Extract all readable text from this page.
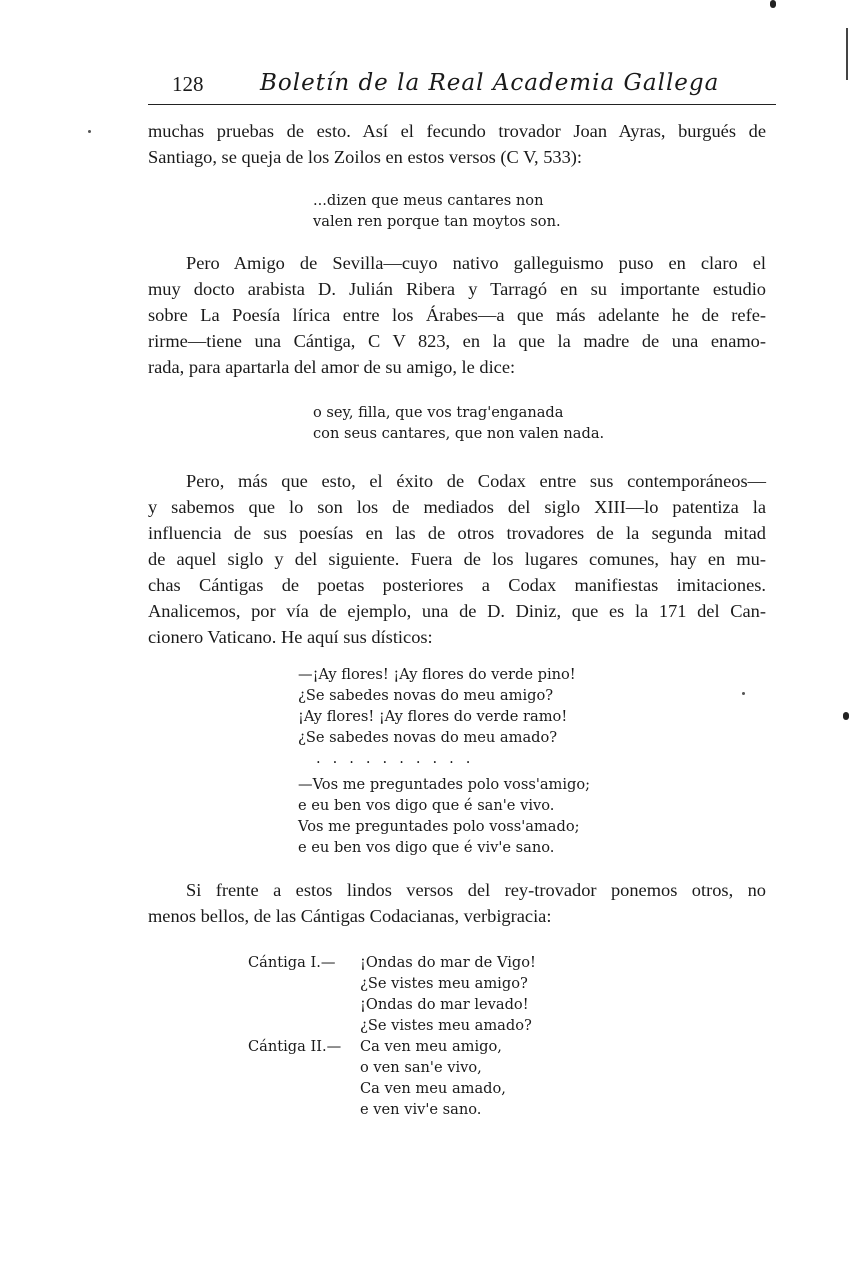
128 Boletín de la Real Academia Gallega
muchas pruebas de esto. Así el fecundo trovador Joan Ayras, burgués de
Santiago, se queja de los Zoilos en estos versos (C V, 533):
...dizen que meus cantares non
valen ren porque tan moytos son.
Pero Amigo de Sevilla—cuyo nativo galleguismo puso en claro el
muy docto arabista D. Julián Ribera y Tarragó en su importante estudio
sobre La Poesía lírica entre los Árabes—a que más adelante he de refe-
rirme—tiene una Cántiga, C V 823, en la que la madre de una enamo-
rada, para apartarla del amor de su amigo, le dice:
o sey, filla, que vos trag'enganada
con seus cantares, que non valen nada.
Pero, más que esto, el éxito de Codax entre sus contemporáneos—
y sabemos que lo son los de mediados del siglo XIII—lo patentiza la
influencia de sus poesías en las de otros trovadores de la segunda mitad
de aquel siglo y del siguiente. Fuera de los lugares comunes, hay en mu-
chas Cántigas de poetas posteriores a Codax manifiestas imitaciones.
Analicemos, por vía de ejemplo, una de D. Diniz, que es la 171 del Can-
cionero Vaticano. He aquí sus dísticos:
—¡Ay flores! ¡Ay flores do verde pino!
¿Se sabedes novas do meu amigo?
¡Ay flores! ¡Ay flores do verde ramo!
¿Se sabedes novas do meu amado?
..........
—Vos me preguntades polo voss'amigo;
e eu ben vos digo que é san'e vivo.
Vos me preguntades polo voss'amado;
e eu ben vos digo que é viv'e sano.
Si frente a estos lindos versos del rey-trovador ponemos otros, no
menos bellos, de las Cántigas Codacianas, verbigracia:
Cántiga I.— ¡Ondas do mar de Vigo!
¿Se vistes meu amigo?
¡Ondas do mar levado!
¿Se vistes meu amado?
Cántiga II.— Ca ven meu amigo,
o ven san'e vivo,
Ca ven meu amado,
e ven viv'e sano.
